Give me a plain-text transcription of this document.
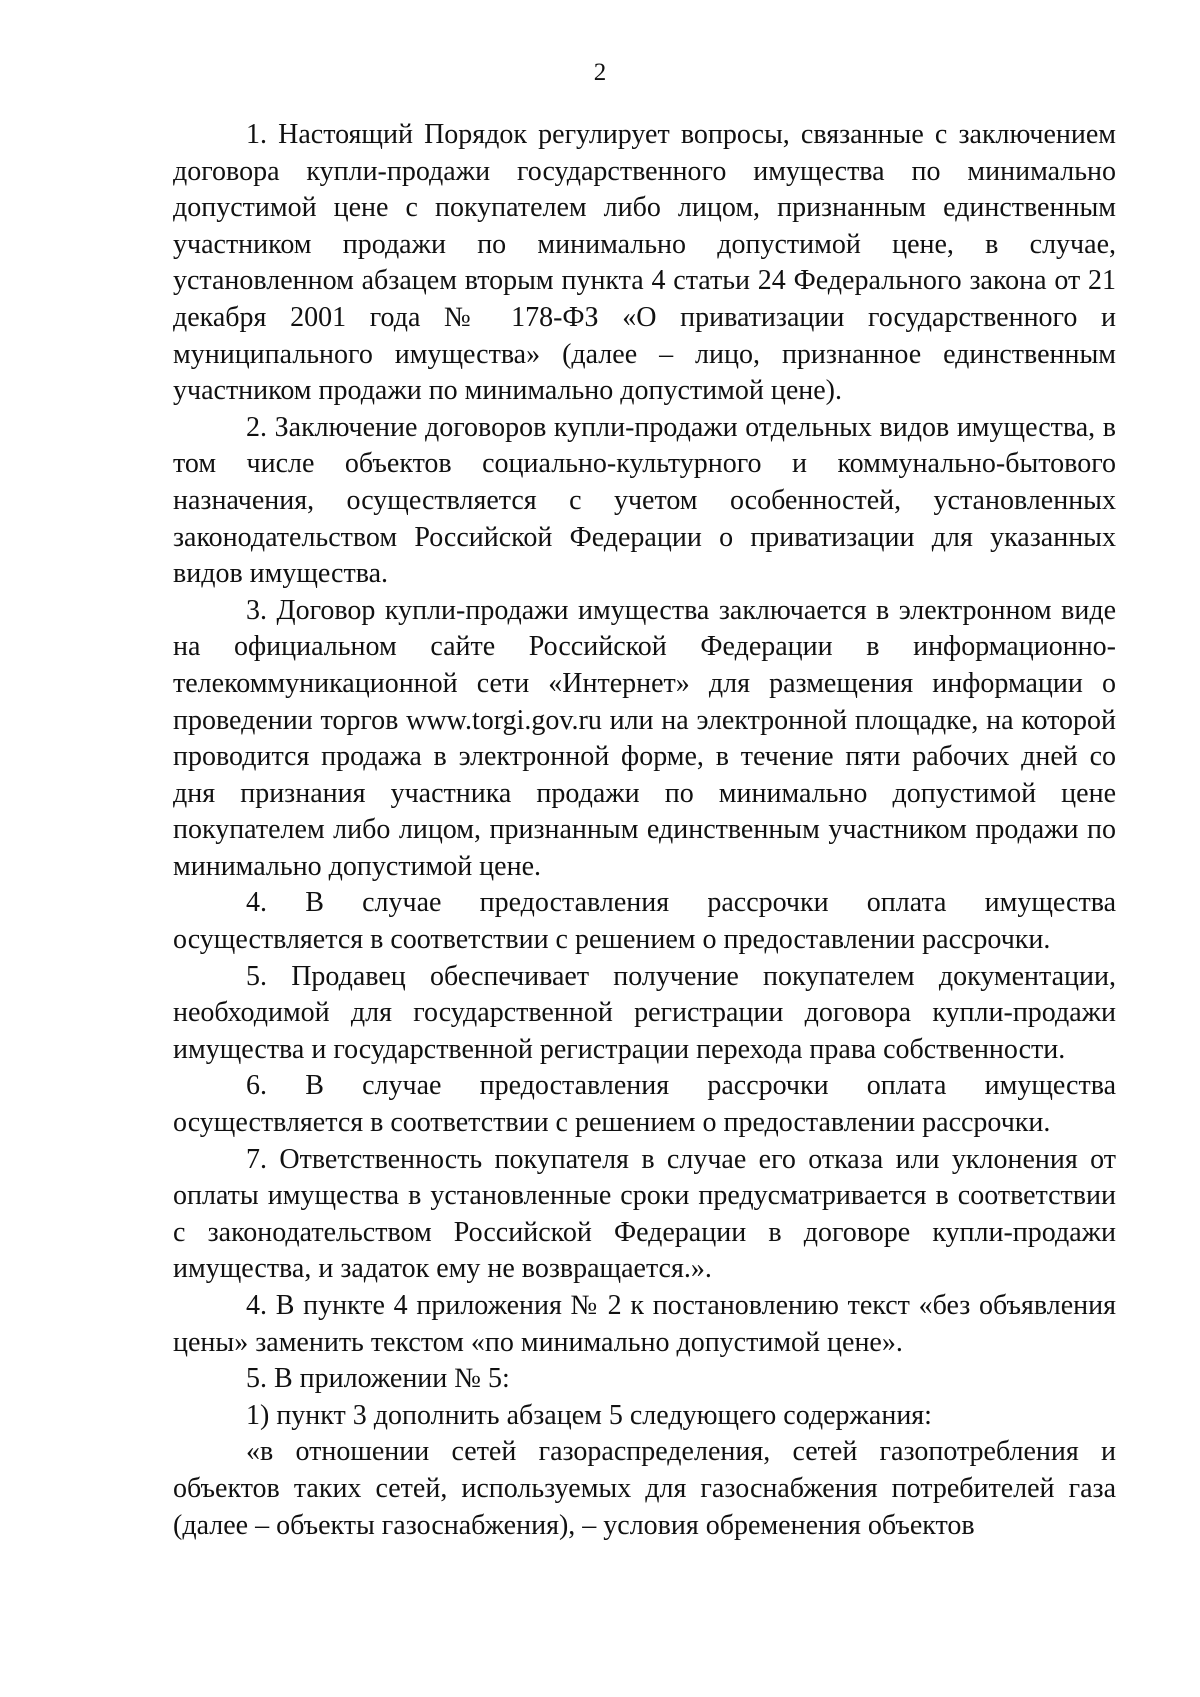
2

1. Настоящий Порядок регулирует вопросы, связанные с заключением договора купли-продажи государственного имущества по минимально допустимой цене с покупателем либо лицом, признанным единственным участником продажи по минимально допустимой цене, в случае, установленном абзацем вторым пункта 4 статьи 24 Федерального закона от 21 декабря 2001 года № 178-ФЗ «О приватизации государственного и муниципального имущества» (далее – лицо, признанное единственным участником продажи по минимально допустимой цене).

2. Заключение договоров купли-продажи отдельных видов имущества, в том числе объектов социально-культурного и коммунально-бытового назначения, осуществляется с учетом особенностей, установленных законодательством Российской Федерации о приватизации для указанных видов имущества.

3. Договор купли-продажи имущества заключается в электронном виде на официальном сайте Российской Федерации в информационно-телекоммуникационной сети «Интернет» для размещения информации о проведении торгов www.torgi.gov.ru или на электронной площадке, на которой проводится продажа в электронной форме, в течение пяти рабочих дней со дня признания участника продажи по минимально допустимой цене покупателем либо лицом, признанным единственным участником продажи по минимально допустимой цене.

4. В случае предоставления рассрочки оплата имущества осуществляется в соответствии с решением о предоставлении рассрочки.

5. Продавец обеспечивает получение покупателем документации, необходимой для государственной регистрации договора купли-продажи имущества и государственной регистрации перехода права собственности.

6. В случае предоставления рассрочки оплата имущества осуществляется в соответствии с решением о предоставлении рассрочки.

7. Ответственность покупателя в случае его отказа или уклонения от оплаты имущества в установленные сроки предусматривается в соответствии с законодательством Российской Федерации в договоре купли-продажи имущества, и задаток ему не возвращается.».

4. В пункте 4 приложения № 2 к постановлению текст «без объявления цены» заменить текстом «по минимально допустимой цене».

5. В приложении № 5:

1) пункт 3 дополнить абзацем 5 следующего содержания:

«в отношении сетей газораспределения, сетей газопотребления и объектов таких сетей, используемых для газоснабжения потребителей газа (далее – объекты газоснабжения), – условия обременения объектов
